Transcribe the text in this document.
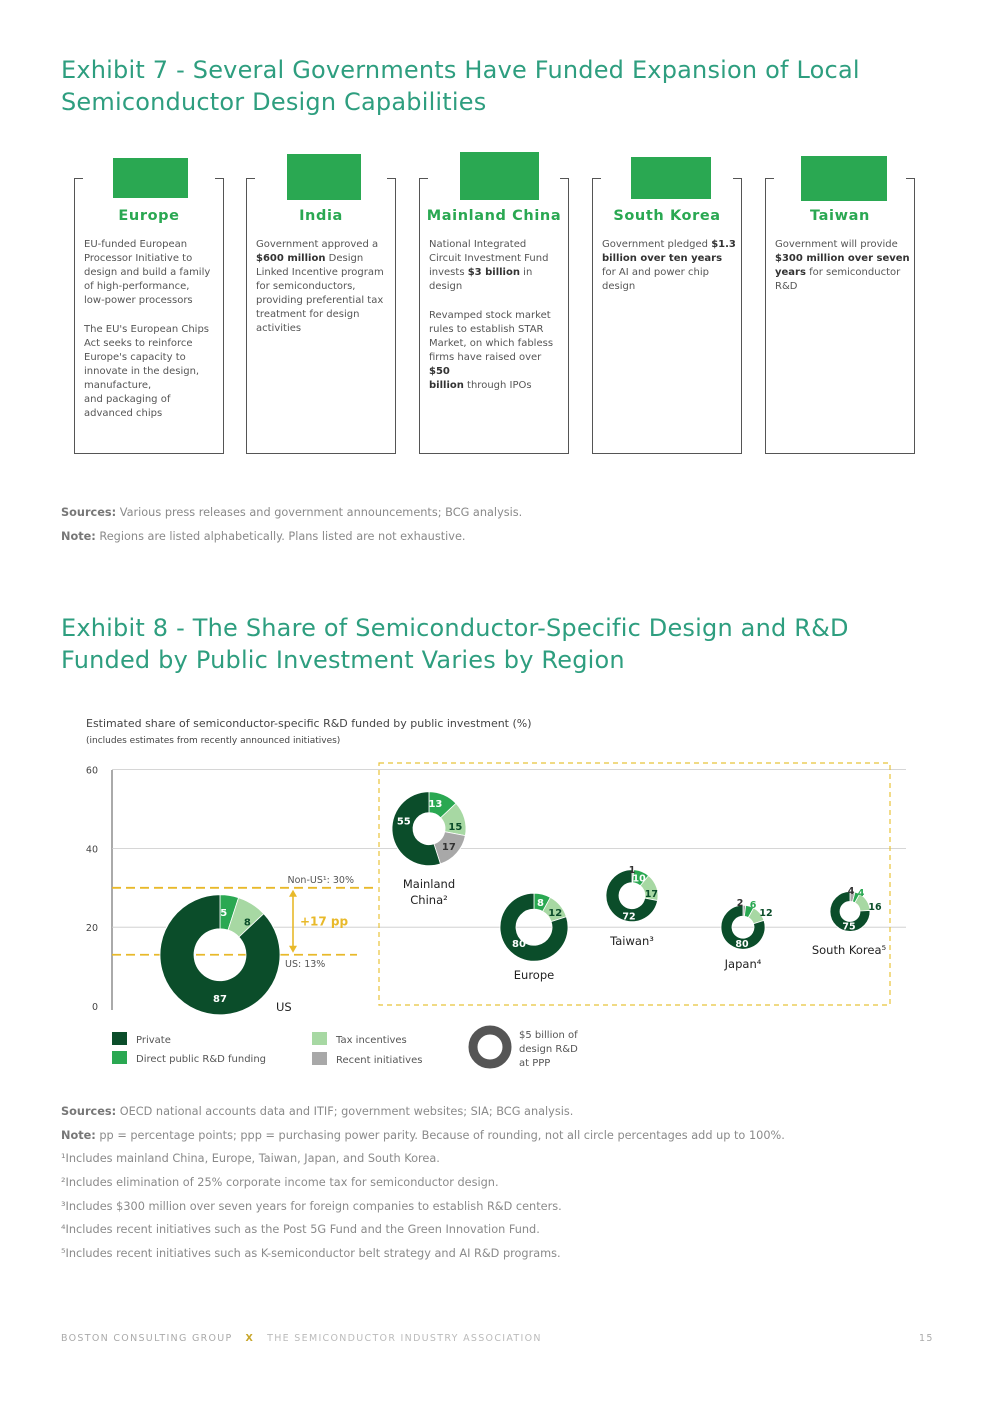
Exhibit 7 - Several Governments Have Funded Expansion of Local
Semiconductor Design Capabilities
Europe

EU-funded European
Processor Initiative to
design and build a family
of high-performance,
low-power processors

The EU's European Chips
Act seeks to reinforce
Europe's capacity to
innovate in the design,
manufacture,
and packaging of
advanced chips

India

Government approved a
$600 million Design
Linked Incentive program
for semiconductors,
providing preferential tax
treatment for design
activities

Mainland China

National Integrated
Circuit Investment Fund
invests $3 billion in
design

Revamped stock market
rules to establish STAR
Market, on which fabless
firms have raised over $50
billion through IPOs

South Korea

Government pledged $1.3
billion over ten years
for AI and power chip
design

Taiwan

Government will provide
$300 million over seven
years for semiconductor
R&D

Sources: Various press releases and government announcements; BCG analysis.
Note: Regions are listed alphabetically. Plans listed are not exhaustive.
Exhibit 8 - The Share of Semiconductor-Specific Design and R&D
Funded by Public Investment Varies by Region
Estimated share of semiconductor-specific R&D funded by public investment (%)
(includes estimates from recently announced initiatives)
0
20
40
60
Non-US¹: 30%
US: 13%
+17 pp
87
5
8
US
55
13
15
17
Mainland
China²
80
8
12
Europe
72
1
10
17
Taiwan³	80
2 6
12
Japan⁴
75
4 4
16
South Korea⁵
Private
Direct public R&D funding
Tax incentives
Recent initiatives
$5 billion of
design R&D
at PPP
Sources: OECD national accounts data and ITIF; government websites; SIA; BCG analysis.
Note: pp = percentage points; ppp = purchasing power parity. Because of rounding, not all circle percentages add up to 100%.
¹Includes mainland China, Europe, Taiwan, Japan, and South Korea.
²Includes elimination of 25% corporate income tax for semiconductor design.
³Includes $300 million over seven years for foreign companies to establish R&D centers.
⁴Includes recent initiatives such as the Post 5G Fund and the Green Innovation Fund.
⁵Includes recent initiatives such as K-semiconductor belt strategy and AI R&D programs.
BOSTON CONSULTING GROUP X THE SEMICONDUCTOR INDUSTRY ASSOCIATION	15
